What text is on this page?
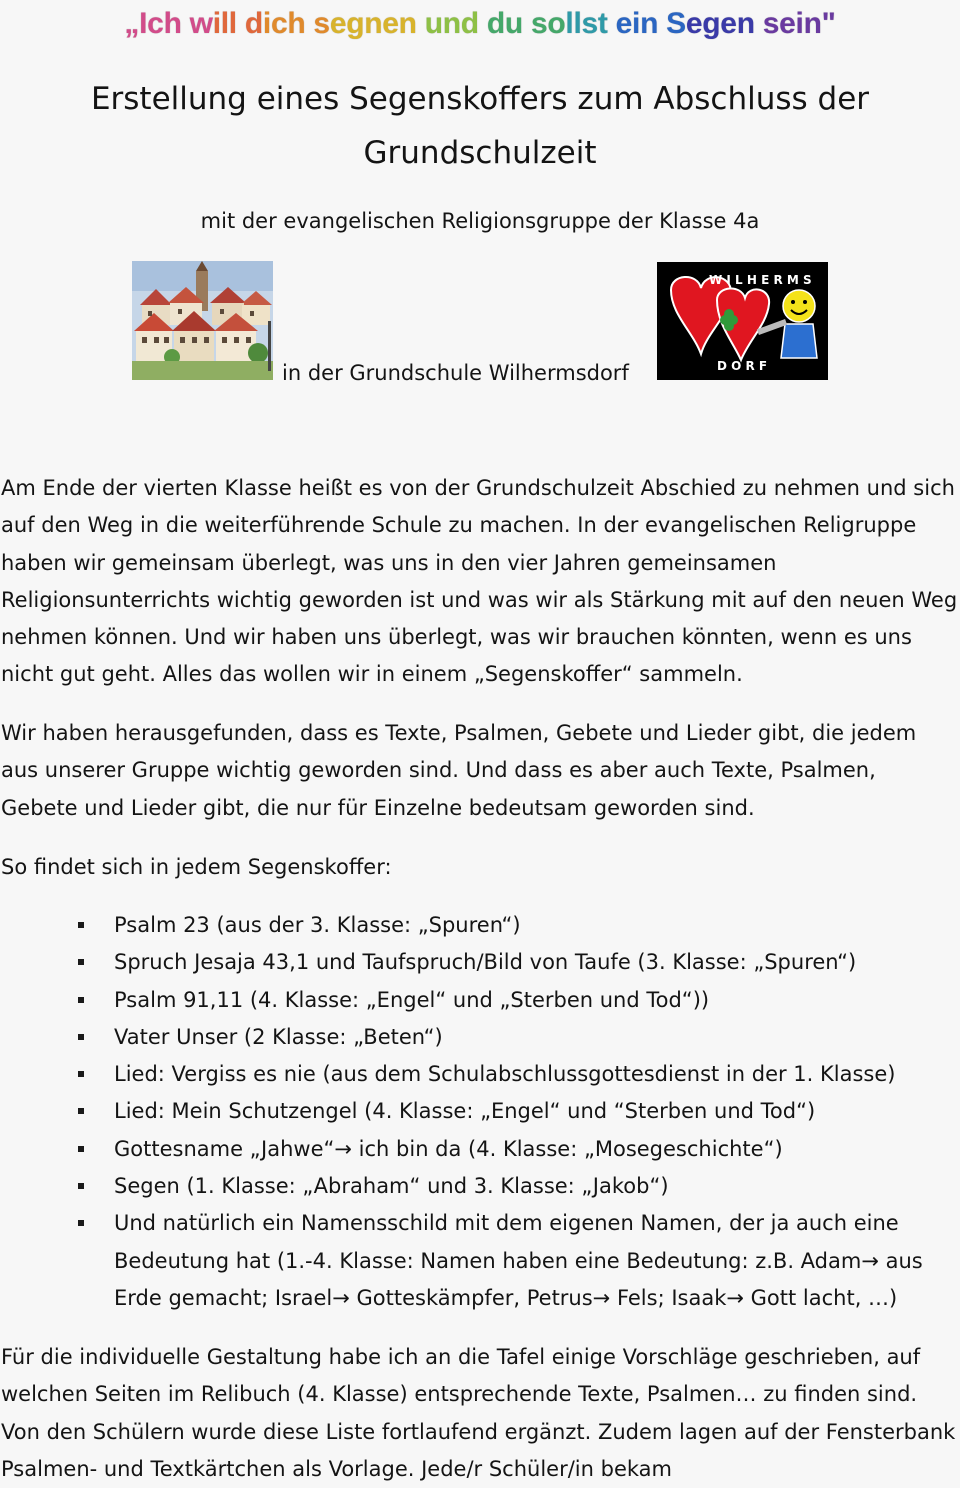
„Ich will dich segnen und du sollst ein Segen sein"
Erstellung eines Segenskoffers zum Abschluss der Grundschulzeit
mit der evangelischen Religionsgruppe der Klasse 4a
in der Grundschule Wilhermsdorf
W I L H E R M S
D O R F

Am Ende der vierten Klasse heißt es von der Grundschulzeit Abschied zu nehmen und sich auf den Weg in die weiterführende Schule zu machen. In der evangelischen Religruppe haben wir gemeinsam überlegt, was uns in den vier Jahren gemeinsamen Religionsunterrichts wichtig geworden ist und was wir als Stärkung mit auf den neuen Weg nehmen können. Und wir haben uns überlegt, was wir brauchen könnten, wenn es uns nicht gut geht. Alles das wollen wir in einem „Segenskoffer“ sammeln.

Wir haben herausgefunden, dass es Texte, Psalmen, Gebete und Lieder gibt, die jedem aus unserer Gruppe wichtig geworden sind. Und dass es aber auch Texte, Psalmen, Gebete und Lieder gibt, die nur für Einzelne bedeutsam geworden sind.

So findet sich in jedem Segenskoffer:

Psalm 23 (aus der 3. Klasse: „Spuren“)
Spruch Jesaja 43,1 und Taufspruch/Bild von Taufe (3. Klasse: „Spuren“)
Psalm 91,11 (4. Klasse: „Engel“ und „Sterben und Tod“))
Vater Unser (2 Klasse: „Beten“)
Lied: Vergiss es nie (aus dem Schulabschlussgottesdienst in der 1. Klasse)
Lied: Mein Schutzengel (4. Klasse: „Engel“ und “Sterben und Tod“)
Gottesname „Jahwe“→ ich bin da (4. Klasse: „Mosegeschichte“)
Segen (1. Klasse: „Abraham“ und 3. Klasse: „Jakob“)
Und natürlich ein Namensschild mit dem eigenen Namen, der ja auch eine Bedeutung hat (1.-4. Klasse: Namen haben eine Bedeutung: z.B. Adam→ aus Erde gemacht; Israel→ Gotteskämpfer, Petrus→ Fels; Isaak→ Gott lacht, …)

Für die individuelle Gestaltung habe ich an die Tafel einige Vorschläge geschrieben, auf welchen Seiten im Relibuch (4. Klasse) entsprechende Texte, Psalmen… zu finden sind. Von den Schülern wurde diese Liste fortlaufend ergänzt. Zudem lagen auf der Fensterbank Psalmen- und Textkärtchen als Vorlage. Jede/r Schüler/in bekam
